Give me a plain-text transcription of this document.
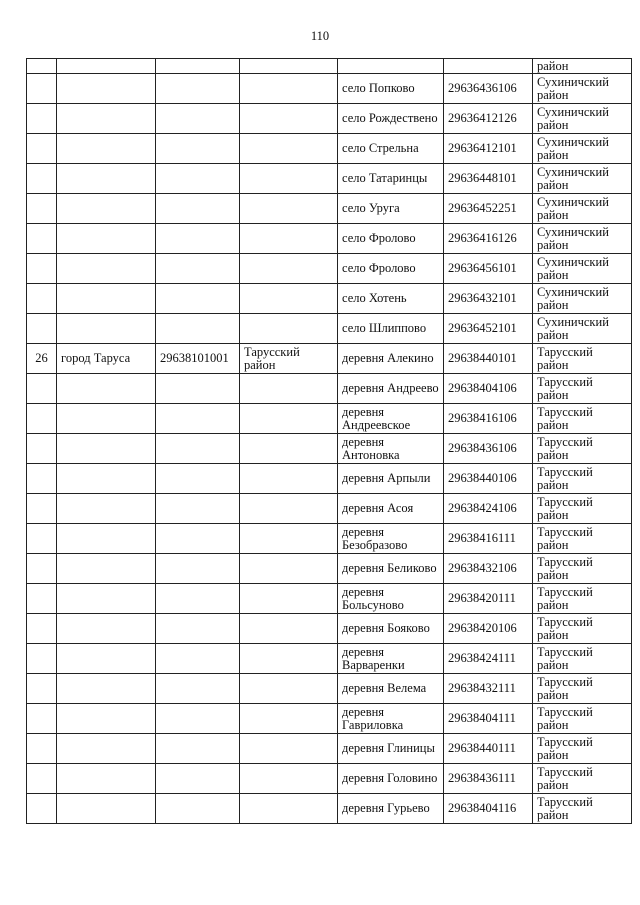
110
						район
				село Попково	29636436106	Сухиничский район
				село Рождествено	29636412126	Сухиничский район
				село Стрельна	29636412101	Сухиничский район
				село Татаринцы	29636448101	Сухиничский район
				село Уруга	29636452251	Сухиничский район
				село Фролово	29636416126	Сухиничский район
				село Фролово	29636456101	Сухиничский район
				село Хотень	29636432101	Сухиничский район
				село Шлиппово	29636452101	Сухиничский район
26	город Таруса	29638101001	Тарусский район	деревня Алекино	29638440101	Тарусский район
				деревня Андреево	29638404106	Тарусский район
				деревня Андреевское	29638416106	Тарусский район
				деревня Антоновка	29638436106	Тарусский район
				деревня Арпыли	29638440106	Тарусский район
				деревня Асоя	29638424106	Тарусский район
				деревня Безобразово	29638416111	Тарусский район
				деревня Беликово	29638432106	Тарусский район
				деревня Больсуново	29638420111	Тарусский район
				деревня Бояково	29638420106	Тарусский район
				деревня Варваренки	29638424111	Тарусский район
				деревня Велема	29638432111	Тарусский район
				деревня Гавриловка	29638404111	Тарусский район
				деревня Глиницы	29638440111	Тарусский район
				деревня Головино	29638436111	Тарусский район
				деревня Гурьево	29638404116	Тарусский район
